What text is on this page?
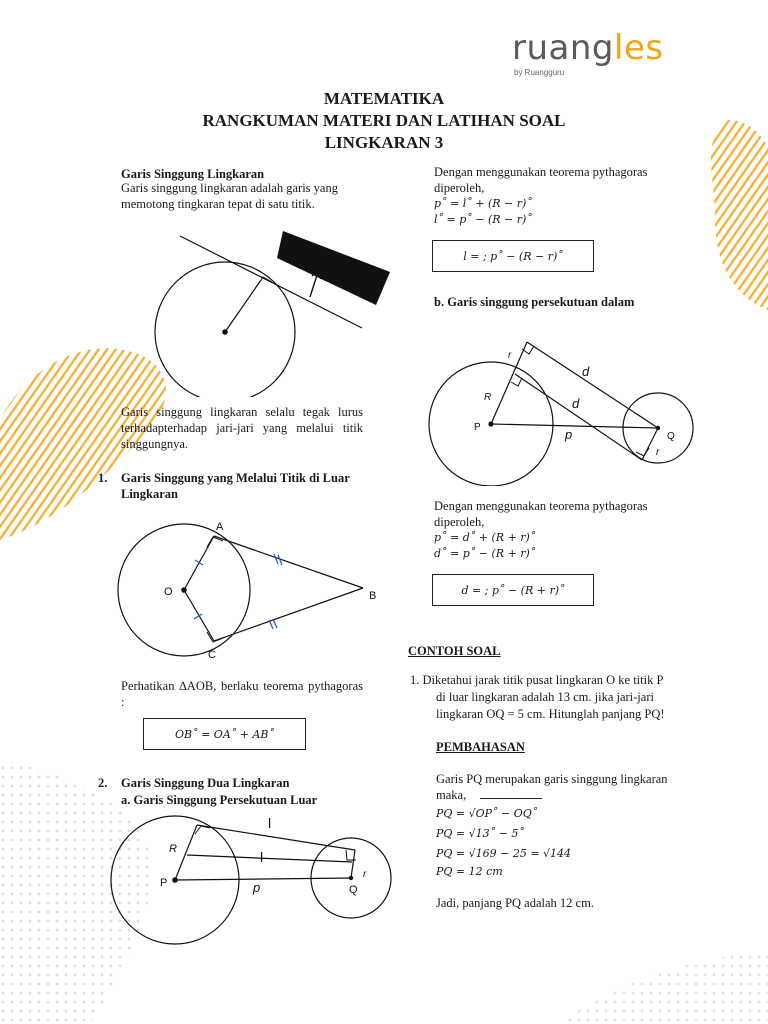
ruangles
by Ruangguru
MATEMATIKA
RANGKUMAN MATERI DAN LATIHAN SOAL
LINGKARAN 3
Garis Singgung Lingkaran
Garis singgung lingkaran adalah garis yang
memotong tingkaran tepat di satu titik.
Garis singgung lingkaran selalu tegak lurus terhadapterhadap jari-jari yang melalui titik singgungnya.
1. Garis Singgung yang Melalui Titik di Luar
Lingkaran
A
O	B
C
Perhatikan ∆AOB, berlaku teorema pythagoras :
OB˚ = OA˚ + AB˚
2. Garis Singgung Dua Lingkaran
a. Garis Singgung Persekutuan Luar
l
R	l
P	p	Q
r
Dengan menggunakan teorema pythagoras
diperoleh,
p˚ = l˚ + (R − r)˚
l˚ = p˚ − (R − r)˚
l = ; p˚ − (R − r)˚
b. Garis singgung persekutuan dalam
r
d
R	d
P	p	Q
r
Dengan menggunakan teorema pythagoras
diperoleh,
p˚ = d˚ + (R + r)˚
d˚ = p˚ − (R + r)˚
d = ; p˚ − (R + r)˚
CONTOH SOAL
1. Diketahui jarak titik pusat lingkaran O ke titik P
di luar lingkaran adalah 13 cm. jika jari-jari
lingkaran OQ = 5 cm. Hitunglah panjang PQ!
PEMBAHASAN
Garis PQ merupakan garis singgung lingkaran
maka,
PQ = √OP˚ − OQ˚
PQ = √13˚ − 5˚
PQ = √169 − 25 = √144
PQ = 12 cm
Jadi, panjang PQ adalah 12 cm.
